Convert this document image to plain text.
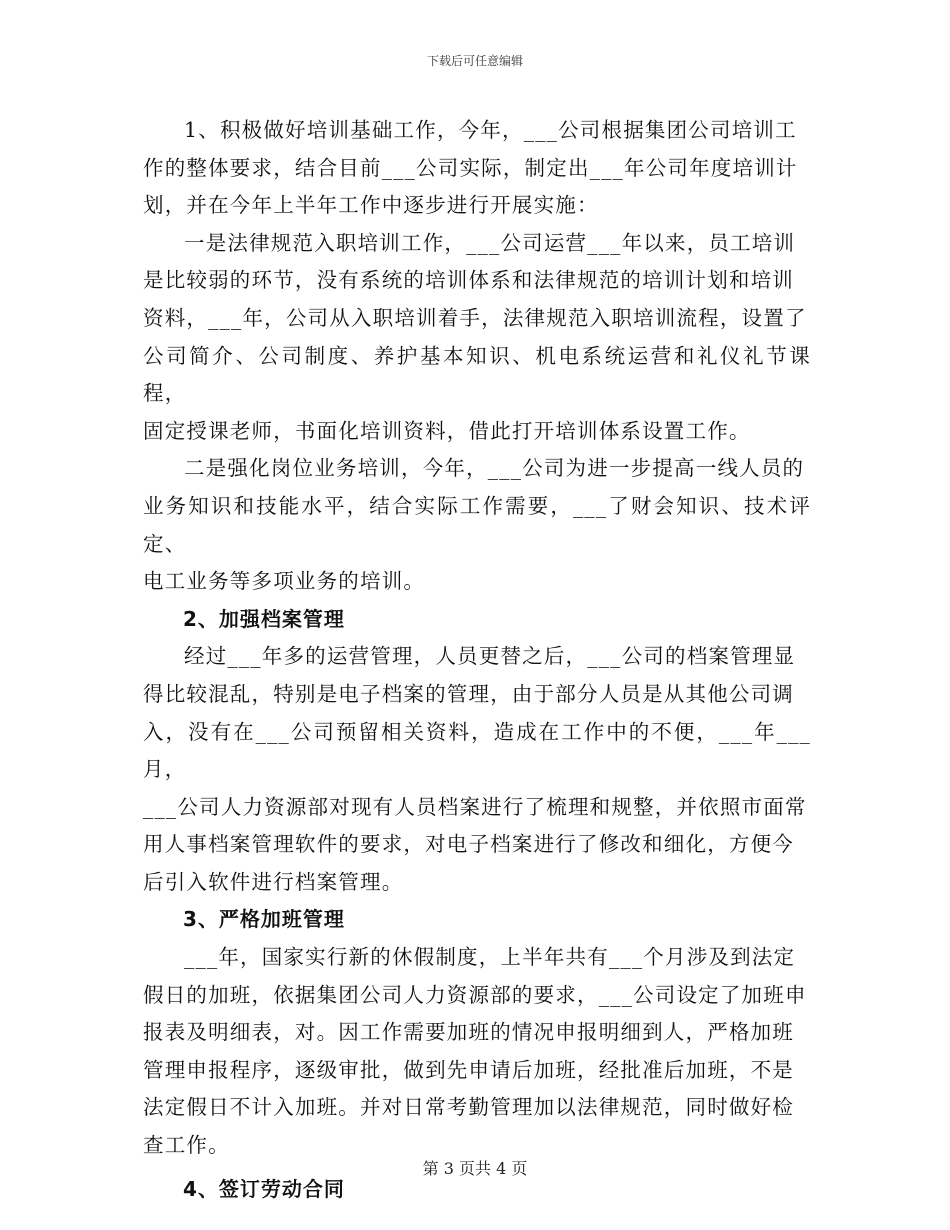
下载后可任意编辑

1、积极做好培训基础工作，今年，___公司根据集团公司培训工
作的整体要求，结合目前___公司实际，制定出___年公司年度培训计
划，并在今年上半年工作中逐步进行开展实施：

一是法律规范入职培训工作，___公司运营___年以来，员工培训
是比较弱的环节，没有系统的培训体系和法律规范的培训计划和培训
资料，___年，公司从入职培训着手，法律规范入职培训流程，设置了
公司简介、公司制度、养护基本知识、机电系统运营和礼仪礼节课程，
固定授课老师，书面化培训资料，借此打开培训体系设置工作。

二是强化岗位业务培训，今年，___公司为进一步提高一线人员的
业务知识和技能水平，结合实际工作需要，___了财会知识、技术评定、
电工业务等多项业务的培训。

2、加强档案管理

经过___年多的运营管理，人员更替之后，___公司的档案管理显
得比较混乱，特别是电子档案的管理，由于部分人员是从其他公司调
入，没有在___公司预留相关资料，造成在工作中的不便，___年___月，
___公司人力资源部对现有人员档案进行了梳理和规整，并依照市面常
用人事档案管理软件的要求，对电子档案进行了修改和细化，方便今
后引入软件进行档案管理。

3、严格加班管理

___年，国家实行新的休假制度，上半年共有___个月涉及到法定
假日的加班，依据集团公司人力资源部的要求，___公司设定了加班申
报表及明细表，对。因工作需要加班的情况申报明细到人，严格加班
管理申报程序，逐级审批，做到先申请后加班，经批准后加班，不是
法定假日不计入加班。并对日常考勤管理加以法律规范，同时做好检
查工作。

4、签订劳动合同

第 3 页共 4 页
